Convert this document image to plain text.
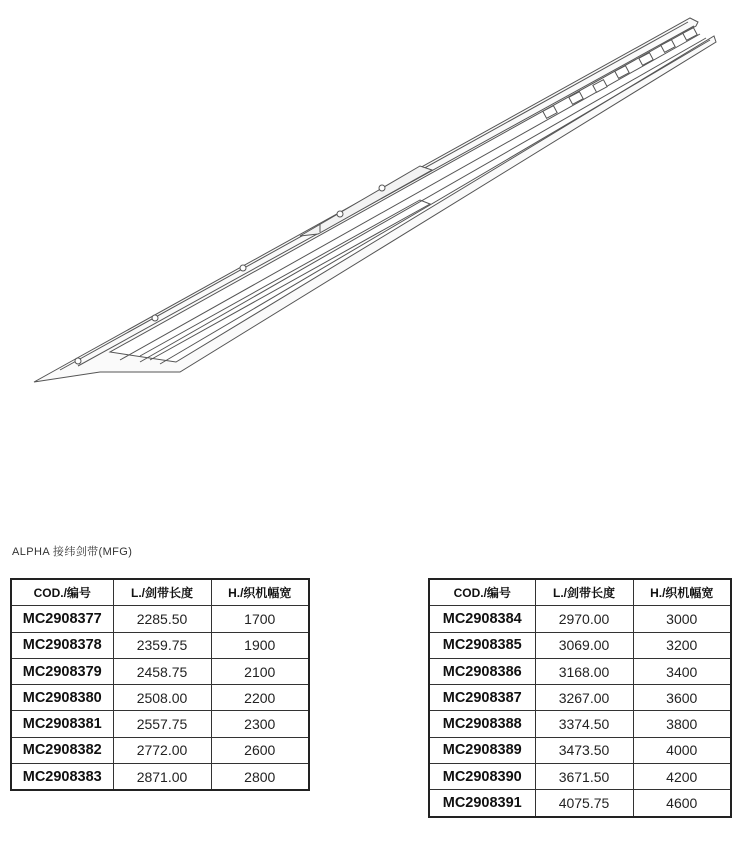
ALPHA 接纬剑带(MFG)
COD./编号	L./剑带长度	H./织机幅宽
MC2908377	2285.50	1700
MC2908378	2359.75	1900
MC2908379	2458.75	2100
MC2908380	2508.00	2200
MC2908381	2557.75	2300
MC2908382	2772.00	2600
MC2908383	2871.00	2800
COD./编号	L./剑带长度	H./织机幅宽
MC2908384	2970.00	3000
MC2908385	3069.00	3200
MC2908386	3168.00	3400
MC2908387	3267.00	3600
MC2908388	3374.50	3800
MC2908389	3473.50	4000
MC2908390	3671.50	4200
MC2908391	4075.75	4600
